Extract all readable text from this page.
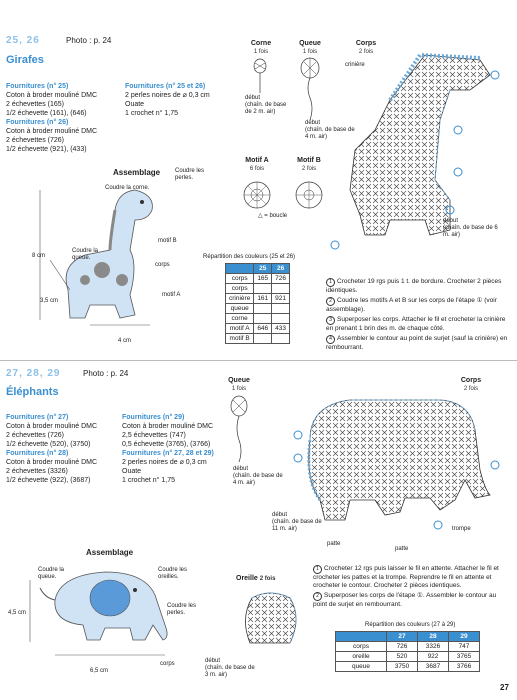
25, 26	Photo : p. 24
Girafes
Fournitures (n° 25)
Coton à broder mouliné DMC
2 échevettes (165)
1/2 échevette (161), (646)
Fournitures (n° 26)
Coton à broder mouliné DMC
2 échevettes (726)
1/2 échevette (921), (433)
Fournitures (n° 25 et 26)
2 perles noires de ⌀ 0,3 cm
Ouate
1 crochet n° 1,75
Corne
1 fois
début
(chaîn. de base de 2 m. air)
Queue
1 fois
début
(chaîn. de base de 4 m. air)
Corps
2 fois
crinière
début
(chaîn. de base de 6 m. air)
Motif A
6 fois
Motif B
2 fois
△ = boucle
Assemblage
Coudre la corne.
Coudre les perles.
motif B
corps
motif A
Coudre la queue.
8 cm
4 cm
3,5 cm
Répartition des couleurs (25 et 26)
	25	26
corps	165	726
corps		
crinière	161	921
queue		
corne		
motif A	646	433
motif B		
1 Crocheter 19 rgs puis 1 t. de bordure. Crocheter 2 pièces identiques.
2 Coudre les motifs A et B sur les corps de l'étape ① (voir assemblage).
3 Superposer les corps. Attacher le fil et crocheter la crinière en prenant 1 brin des m. de chaque côté.
4 Assembler le contour au point de surjet (sauf la crinière) en rembourrant.
27, 28, 29	Photo : p. 24
Éléphants
Fournitures (n° 27)
Coton à broder mouliné DMC
2 échevettes (726)
1/2 échevette (520), (3750)
Fournitures (n° 28)
Coton à broder mouliné DMC
2 échevettes (3326)
1/2 échevette (922), (3687)
Fournitures (n° 29)
Coton à broder mouliné DMC
2,5 échevettes (747)
0,5 échevette (3765), (3766)
Fournitures (n° 27, 28 et 29)
2 perles noires de ⌀ 0,3 cm
Ouate
1 crochet n° 1,75
Queue
1 fois
début
(chaîn. de base de 4 m. air)
Corps
2 fois
début
(chaîn. de base de 11 m. air)
patte
patte
trompe
Oreille 2 fois
début
(chaîn. de base de 3 m. air)
Assemblage
Coudre la queue.
Coudre les oreilles.
Coudre les perles.
corps
4,5 cm
6,5 cm
1 Crocheter 12 rgs puis laisser le fil en attente. Attacher le fil et crocheter les pattes et la trompe. Reprendre le fil en attente et crocheter le contour. Crocheter 2 pièces identiques.
2 Superposer les corps de l'étape ①. Assembler le contour au point de surjet en rembourrant.
Répartition des couleurs (27 à 29)
	27	28	29
corps	726	3326	747
oreille	520	922	3765
queue	3750	3687	3766
27
